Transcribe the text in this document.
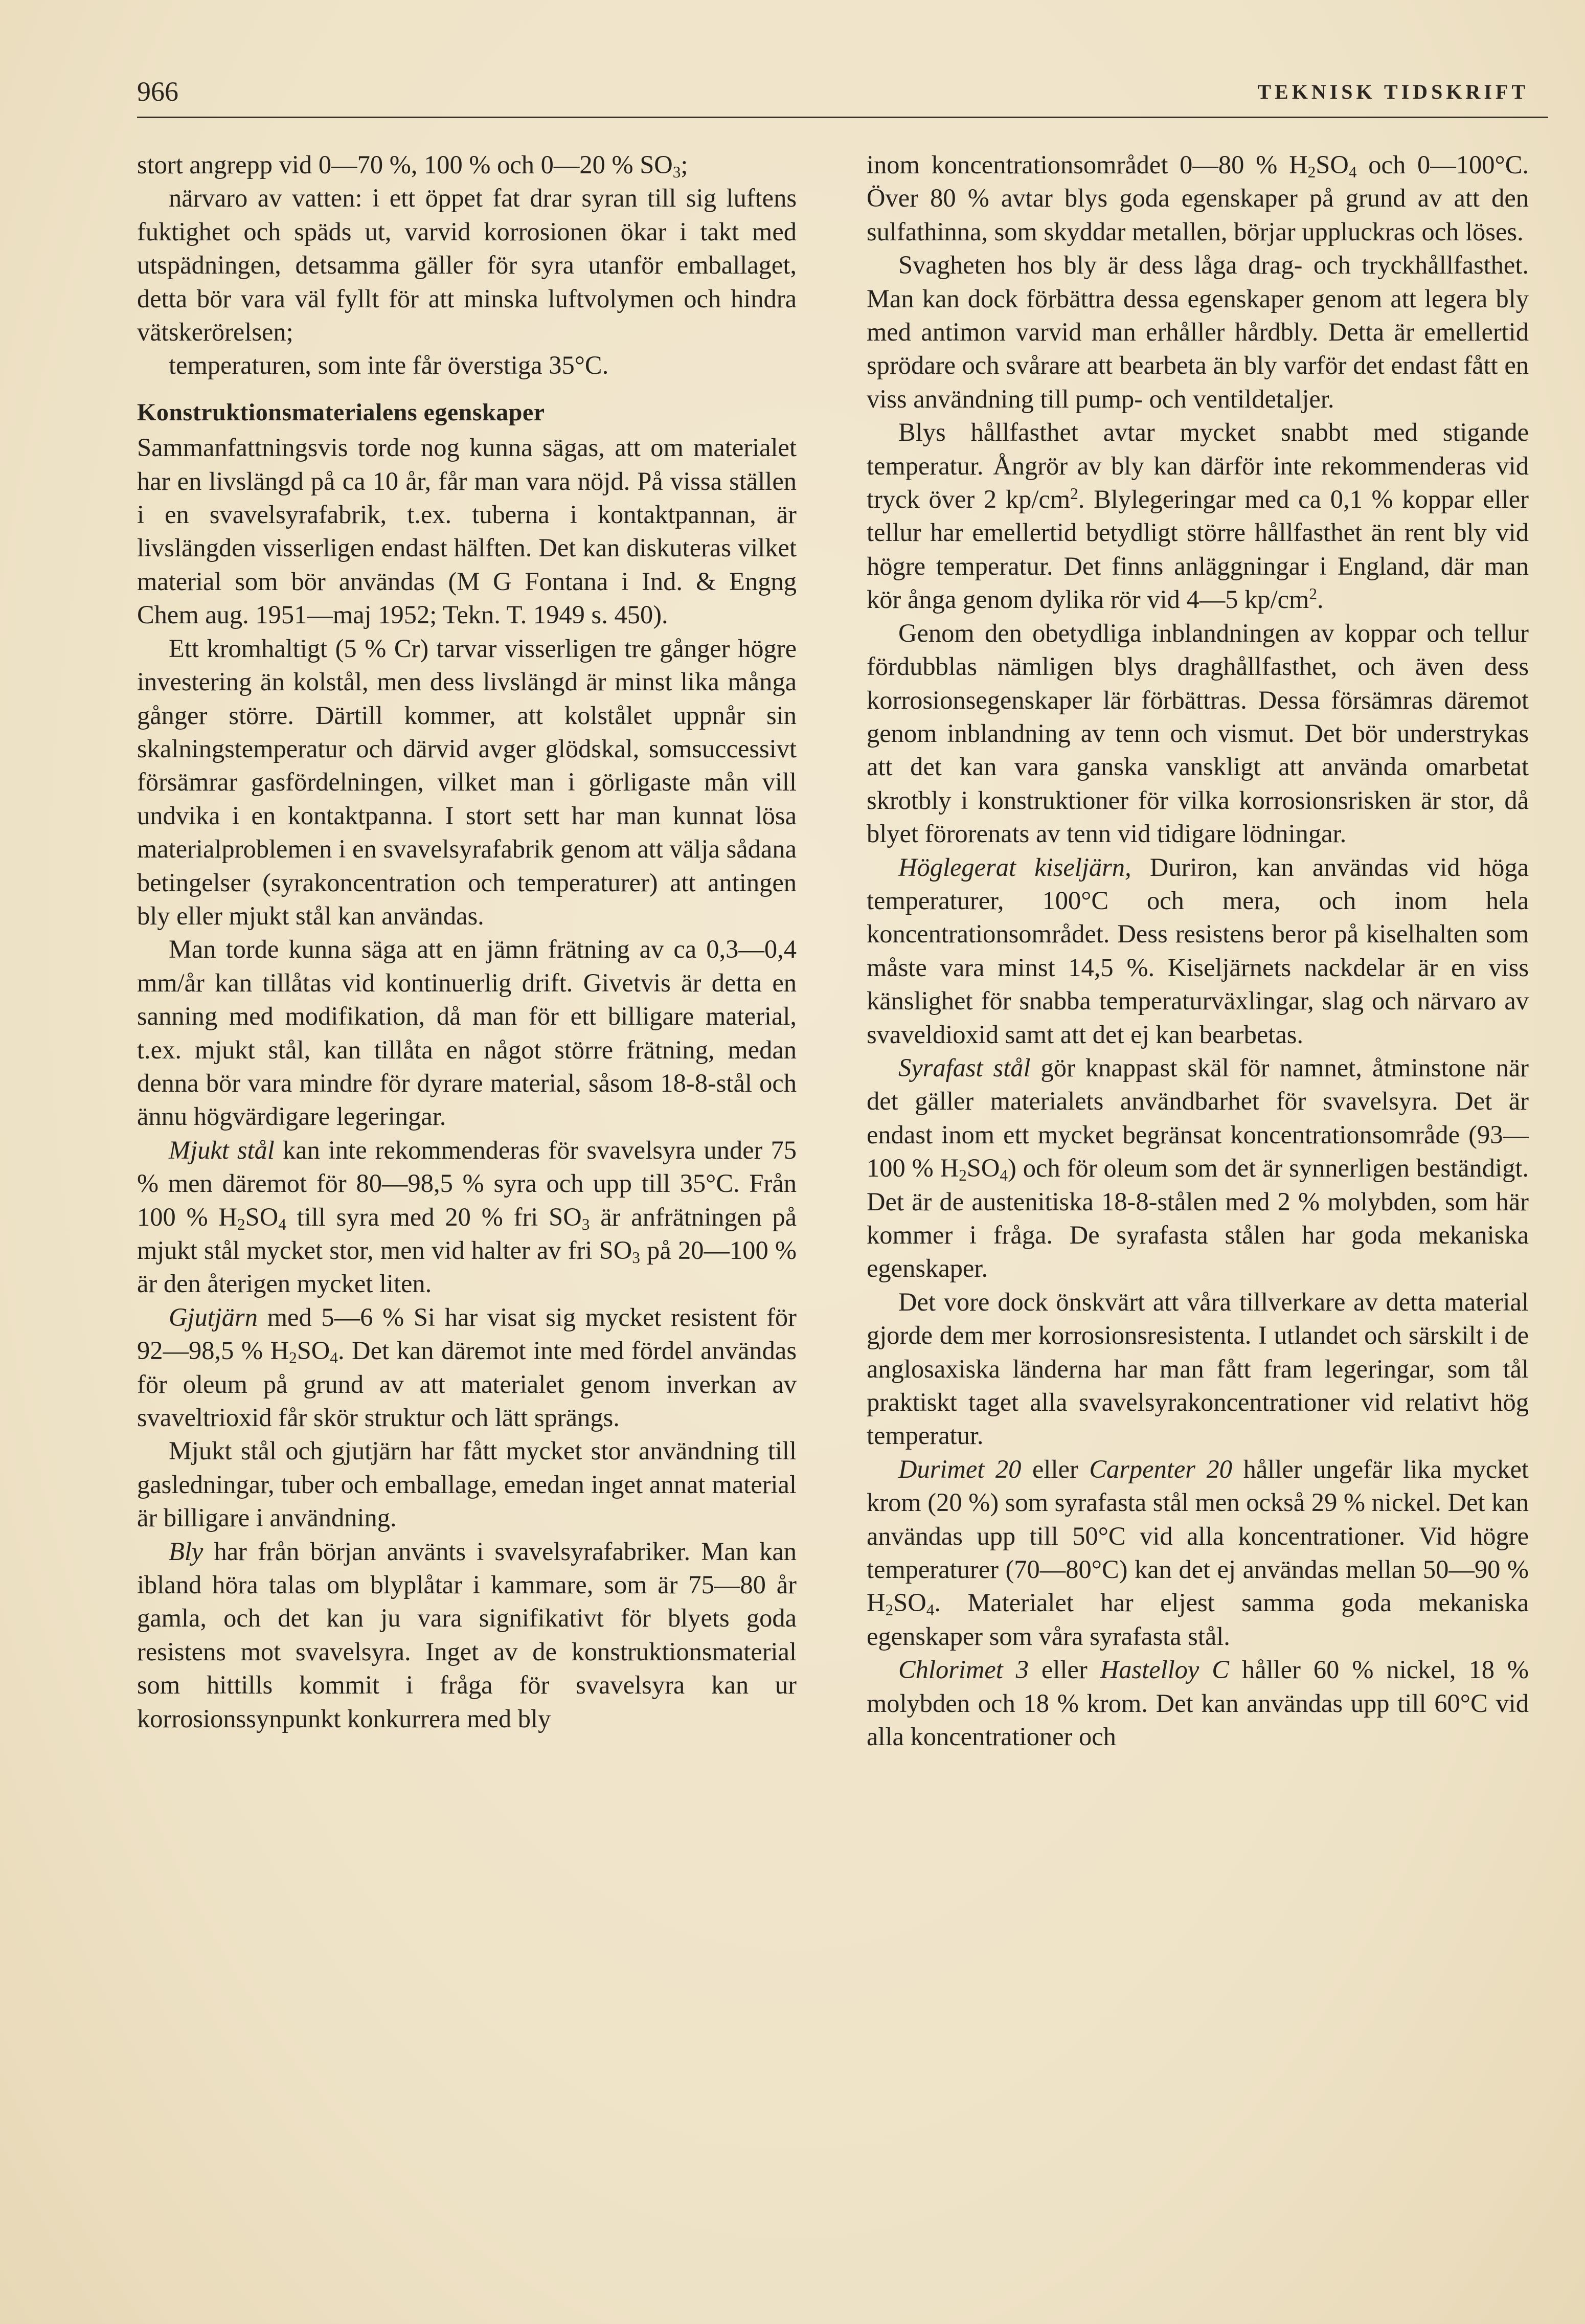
966	TEKNISK TIDSKRIFT

stort angrepp vid 0—70 %, 100 % och 0—20 % $SO_3$;

närvaro av vatten: i ett öppet fat drar syran till sig luftens fuktighet och späds ut, varvid korrosionen ökar i takt med utspädningen, detsamma gäller för syra utanför emballaget, detta bör vara väl fyllt för att minska luftvolymen och hindra vätskerörelsen;

temperaturen, som inte får överstiga 35°C.

Konstruktionsmaterialens egenskaper

Sammanfattningsvis torde nog kunna sägas, att om materialet har en livslängd på ca 10 år, får man vara nöjd. På vissa ställen i en svavelsyrafabrik, t.ex. tuberna i kontaktpannan, är livslängden visserligen endast hälften. Det kan diskuteras vilket material som bör användas (M G Fontana i Ind. & Engng Chem aug. 1951—maj 1952; Tekn. T. 1949 s. 450).

Ett kromhaltigt (5 % Cr) tarvar visserligen tre gånger högre investering än kolstål, men dess livslängd är minst lika många gånger större. Därtill kommer, att kolstålet uppnår sin skalningstemperatur och därvid avger glödskal, somsuccessivt försämrar gasfördelningen, vilket man i görligaste mån vill undvika i en kontaktpanna. I stort sett har man kunnat lösa materialproblemen i en svavelsyrafabrik genom att välja sådana betingelser (syrakoncentration och temperaturer) att antingen bly eller mjukt stål kan användas.

Man torde kunna säga att en jämn frätning av ca 0,3—0,4 mm/år kan tillåtas vid kontinuerlig drift. Givetvis är detta en sanning med modifikation, då man för ett billigare material, t.ex. mjukt stål, kan tillåta en något större frätning, medan denna bör vara mindre för dyrare material, såsom 18-8-stål och ännu högvärdigare legeringar.

Mjukt stål kan inte rekommenderas för svavelsyra under 75 % men däremot för 80—98,5 % syra och upp till 35°C. Från 100 % $H_2SO_4$ till syra med 20 % fri $SO_3$ är anfrätningen på mjukt stål mycket stor, men vid halter av fri $SO_3$ på 20—100 % är den återigen mycket liten.

Gjutjärn med 5—6 % Si har visat sig mycket resistent för 92—98,5 % $H_2SO_4$. Det kan däremot inte med fördel användas för oleum på grund av att materialet genom inverkan av svaveltrioxid får skör struktur och lätt sprängs.

Mjukt stål och gjutjärn har fått mycket stor användning till gasledningar, tuber och emballage, emedan inget annat material är billigare i användning.

Bly har från början använts i svavelsyrafabriker. Man kan ibland höra talas om blyplåtar i kammare, som är 75—80 år gamla, och det kan ju vara signifikativt för blyets goda resistens mot svavelsyra. Inget av de konstruktionsmaterial som hittills kommit i fråga för svavelsyra kan ur korrosionssynpunkt konkurrera med bly

inom koncentrationsområdet 0—80 % $H_2SO_4$ och 0—100°C. Över 80 % avtar blys goda egenskaper på grund av att den sulfathinna, som skyddar metallen, börjar uppluckras och löses.

Svagheten hos bly är dess låga drag- och tryckhållfasthet. Man kan dock förbättra dessa egenskaper genom att legera bly med antimon varvid man erhåller hårdbly. Detta är emellertid sprödare och svårare att bearbeta än bly varför det endast fått en viss användning till pump- och ventildetaljer.

Blys hållfasthet avtar mycket snabbt med stigande temperatur. Ångrör av bly kan därför inte rekommenderas vid tryck över 2 $kp/cm^2$. Blylegeringar med ca 0,1 % koppar eller tellur har emellertid betydligt större hållfasthet än rent bly vid högre temperatur. Det finns anläggningar i England, där man kör ånga genom dylika rör vid 4—5 $kp/cm^2$.

Genom den obetydliga inblandningen av koppar och tellur fördubblas nämligen blys draghållfasthet, och även dess korrosionsegenskaper lär förbättras. Dessa försämras däremot genom inblandning av tenn och vismut. Det bör understrykas att det kan vara ganska vanskligt att använda omarbetat skrotbly i konstruktioner för vilka korrosionsrisken är stor, då blyet förorenats av tenn vid tidigare lödningar.

Höglegerat kiseljärn, Duriron, kan användas vid höga temperaturer, 100°C och mera, och inom hela koncentrationsområdet. Dess resistens beror på kiselhalten som måste vara minst 14,5 %. Kiseljärnets nackdelar är en viss känslighet för snabba temperaturväxlingar, slag och närvaro av svaveldioxid samt att det ej kan bearbetas.

Syrafast stål gör knappast skäl för namnet, åtminstone när det gäller materialets användbarhet för svavelsyra. Det är endast inom ett mycket begränsat koncentrationsområde (93—100 % $H_2SO_4$) och för oleum som det är synnerligen beständigt. Det är de austenitiska 18-8-stålen med 2 % molybden, som här kommer i fråga. De syrafasta stålen har goda mekaniska egenskaper.

Det vore dock önskvärt att våra tillverkare av detta material gjorde dem mer korrosionsresistenta. I utlandet och särskilt i de anglosaxiska länderna har man fått fram legeringar, som tål praktiskt taget alla svavelsyrakoncentrationer vid relativt hög temperatur.

Durimet 20 eller Carpenter 20 håller ungefär lika mycket krom (20 %) som syrafasta stål men också 29 % nickel. Det kan användas upp till 50°C vid alla koncentrationer. Vid högre temperaturer (70—80°C) kan det ej användas mellan 50—90 % $H_2SO_4$. Materialet har eljest samma goda mekaniska egenskaper som våra syrafasta stål.

Chlorimet 3 eller Hastelloy C håller 60 % nickel, 18 % molybden och 18 % krom. Det kan användas upp till 60°C vid alla koncentrationer och
